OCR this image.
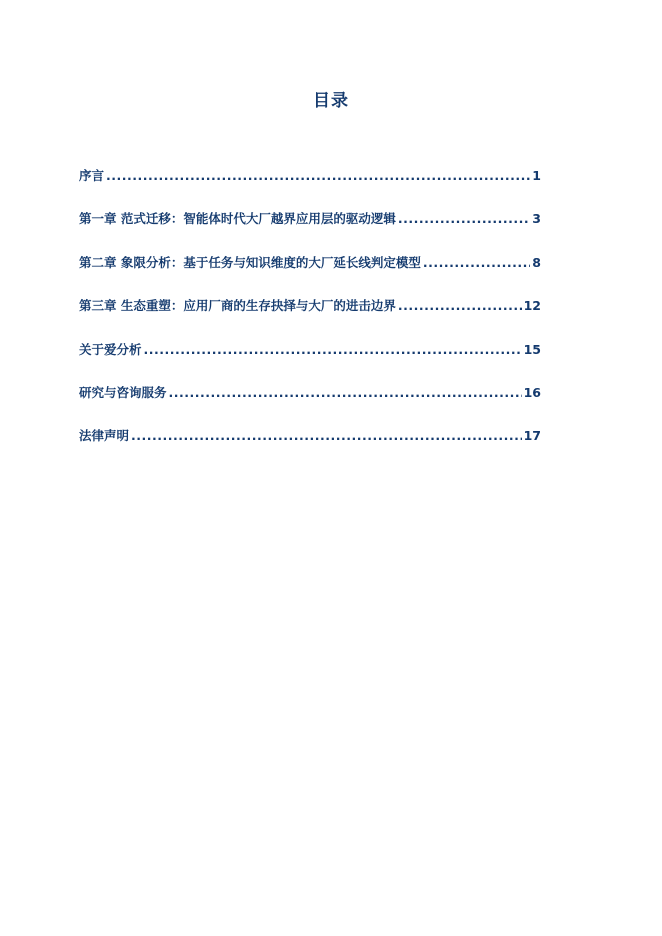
目录
序言 .....	1
第一章 范式迁移：智能体时代大厂越界应用层的驱动逻辑 .....	3
第二章 象限分析：基于任务与知识维度的大厂延长线判定模型 .....	8
第三章 生态重塑：应用厂商的生存抉择与大厂的进击边界 .....	12
关于爱分析 .....	15
研究与咨询服务 .....	16
法律声明 .....	17
